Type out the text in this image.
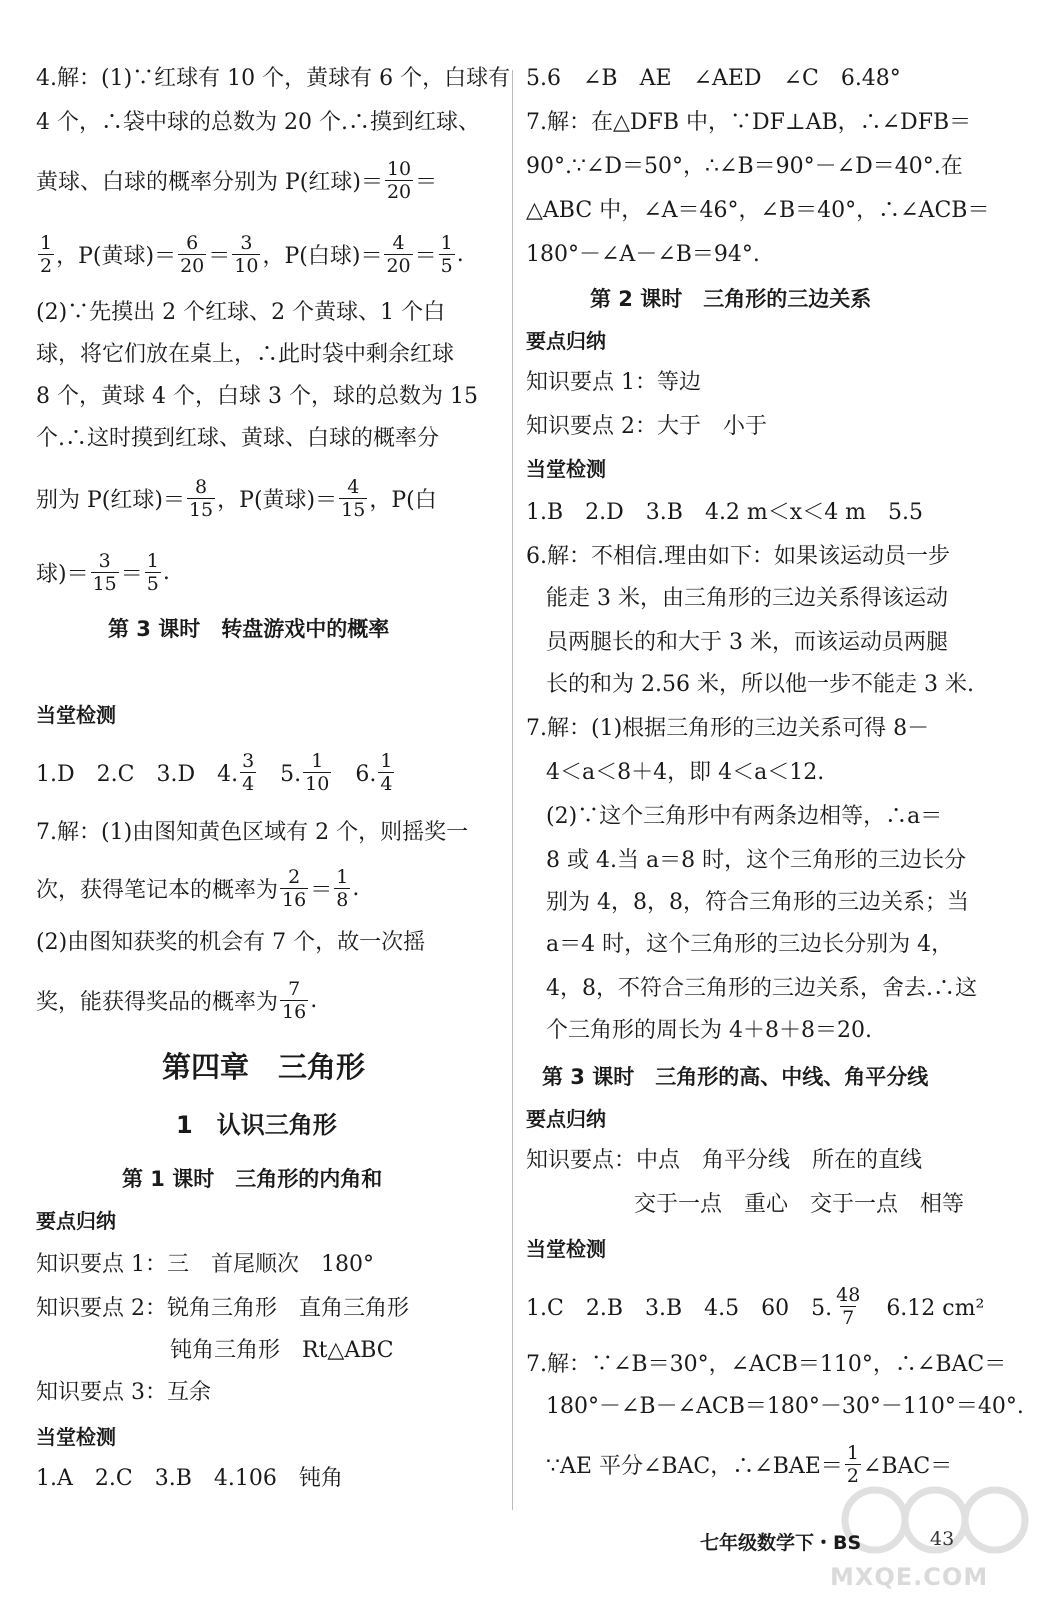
4.解：(1)∵红球有 10 个，黄球有 6 个，白球有
4 个，∴袋中球的总数为 20 个.∴摸到红球、
黄球、白球的概率分别为 P(红球)＝ $\frac{10}{20}$ ＝
$\frac{1}{2}$ ，P(黄球)＝ $\frac{6}{20} = \frac{3}{10}$ ，P(白球)＝ $\frac{4}{20} = \frac{1}{5}$ .
(2)∵先摸出 2 个红球、2 个黄球、1 个白
球，将它们放在桌上，∴此时袋中剩余红球
8 个，黄球 4 个，白球 3 个，球的总数为 15
个.∴这时摸到红球、黄球、白球的概率分
别为 P(红球)＝ $\frac{8}{15}$ ，P(黄球)＝ $\frac{4}{15}$ ，P(白
球)＝ $\frac{3}{15} = \frac{1}{5}$ .
第 3 课时　转盘游戏中的概率
当堂检测
1.D　2.C　3.D　4. $\frac{3}{4}$ 　5. $\frac{1}{10}$ 　6. $\frac{1}{4}$
7.解：(1)由图知黄色区域有 2 个，则摇奖一
次，获得笔记本的概率为 $\frac{2}{16} = \frac{1}{8}$ .
(2)由图知获奖的机会有 7 个，故一次摇
奖，能获得奖品的概率为 $\frac{7}{16}$ .
第四章　三角形
1　认识三角形
第 1 课时　三角形的内角和
要点归纳
知识要点 1：三　首尾顺次　180°
知识要点 2：锐角三角形　直角三角形
钝角三角形　Rt△ABC
知识要点 3：互余
当堂检测
1.A　2.C　3.B　4.106　钝角
5.6　∠B　AE　∠AED　∠C　6.48°
7.解：在△DFB 中，∵DF⊥AB，∴∠DFB＝
90°.∵∠D＝50°，∴∠B＝90°－∠D＝40°.在
△ABC 中，∠A＝46°，∠B＝40°，∴∠ACB＝
180°－∠A－∠B＝94°.
第 2 课时　三角形的三边关系
要点归纳
知识要点 1：等边
知识要点 2：大于　小于
当堂检测
1.B　2.D　3.B　4.2 m＜x＜4 m　5.5
6.解：不相信.理由如下：如果该运动员一步
能走 3 米，由三角形的三边关系得该运动
员两腿长的和大于 3 米，而该运动员两腿
长的和为 2.56 米，所以他一步不能走 3 米.
7.解：(1)根据三角形的三边关系可得 8－
4＜a＜8＋4，即 4＜a＜12.
(2)∵这个三角形中有两条边相等，∴a＝
8 或 4.当 a＝8 时，这个三角形的三边长分
别为 4，8，8，符合三角形的三边关系；当
a＝4 时，这个三角形的三边长分别为 4，
4，8，不符合三角形的三边关系，舍去.∴这
个三角形的周长为 4＋8＋8＝20.
第 3 课时　三角形的高、中线、角平分线
要点归纳
知识要点：中点　角平分线　所在的直线
交于一点　重心　交于一点　相等
当堂检测
1.C　2.B　3.B　4.5　60　5. $\frac{48}{7}$ 　6.12 cm²
7.解：∵∠B＝30°，∠ACB＝110°，∴∠BAC＝
180°－∠B－∠ACB＝180°－30°－110°＝40°.
∵AE 平分∠BAC，∴∠BAE＝ $\frac{1}{2}$ ∠BAC＝
MXQE.COM
七年级数学下・BS	43
